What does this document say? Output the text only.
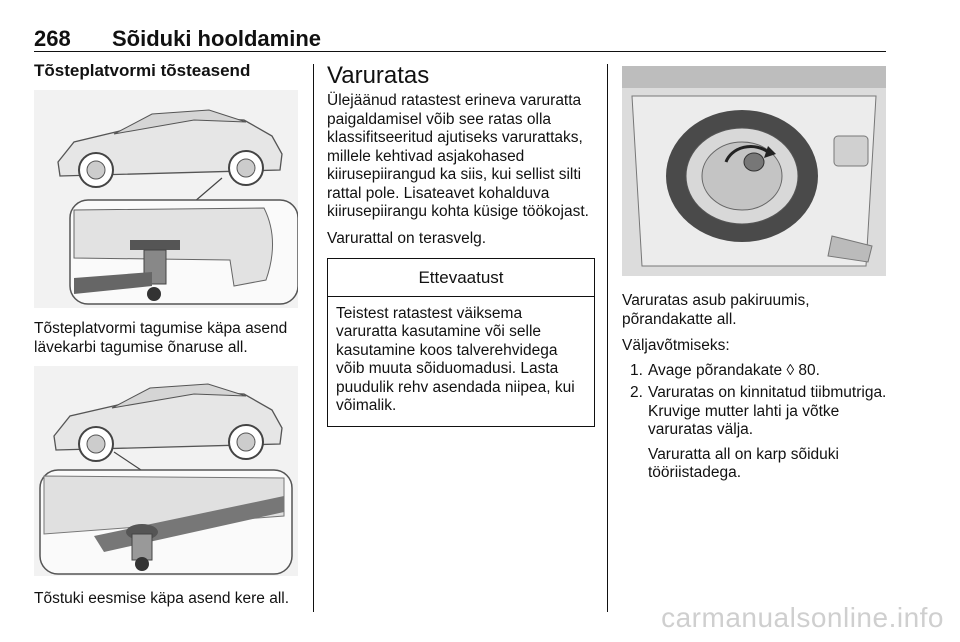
268 Sõiduki hooldamine
Tõsteplatvormi tõsteasend

Tõsteplatvormi tagumise käpa asend lävekarbi tagumise õnaruse all.

Tõstuki eesmise käpa asend kere all.

Varuratas

Ülejäänud ratastest erineva varuratta paigaldamisel võib see ratas olla klassifitseeritud ajutiseks varurattaks, millele kehtivad asjakohased kiirusepiirangud ka siis, kui sellist silti rattal pole. Lisateavet kohalduva kiirusepiirangu kohta küsige töökojast.

Varurattal on terasvelg.

Ettevaatust
Teistest ratastest väiksema varuratta kasutamine või selle kasutamine koos talverehvidega võib muuta sõiduomadusi. Lasta puudulik rehv asendada niipea, kui võimalik.

Varuratas asub pakiruumis, põrandakatte all.

Väljavõtmiseks:

1. Avage põrandakate ◊ 80.

2. Varuratas on kinnitatud tiibmutriga. Kruvige mutter lahti ja võtke varuratas välja.

Varuratta all on karp sõiduki tööriistadega.

carmanualsonline.info
